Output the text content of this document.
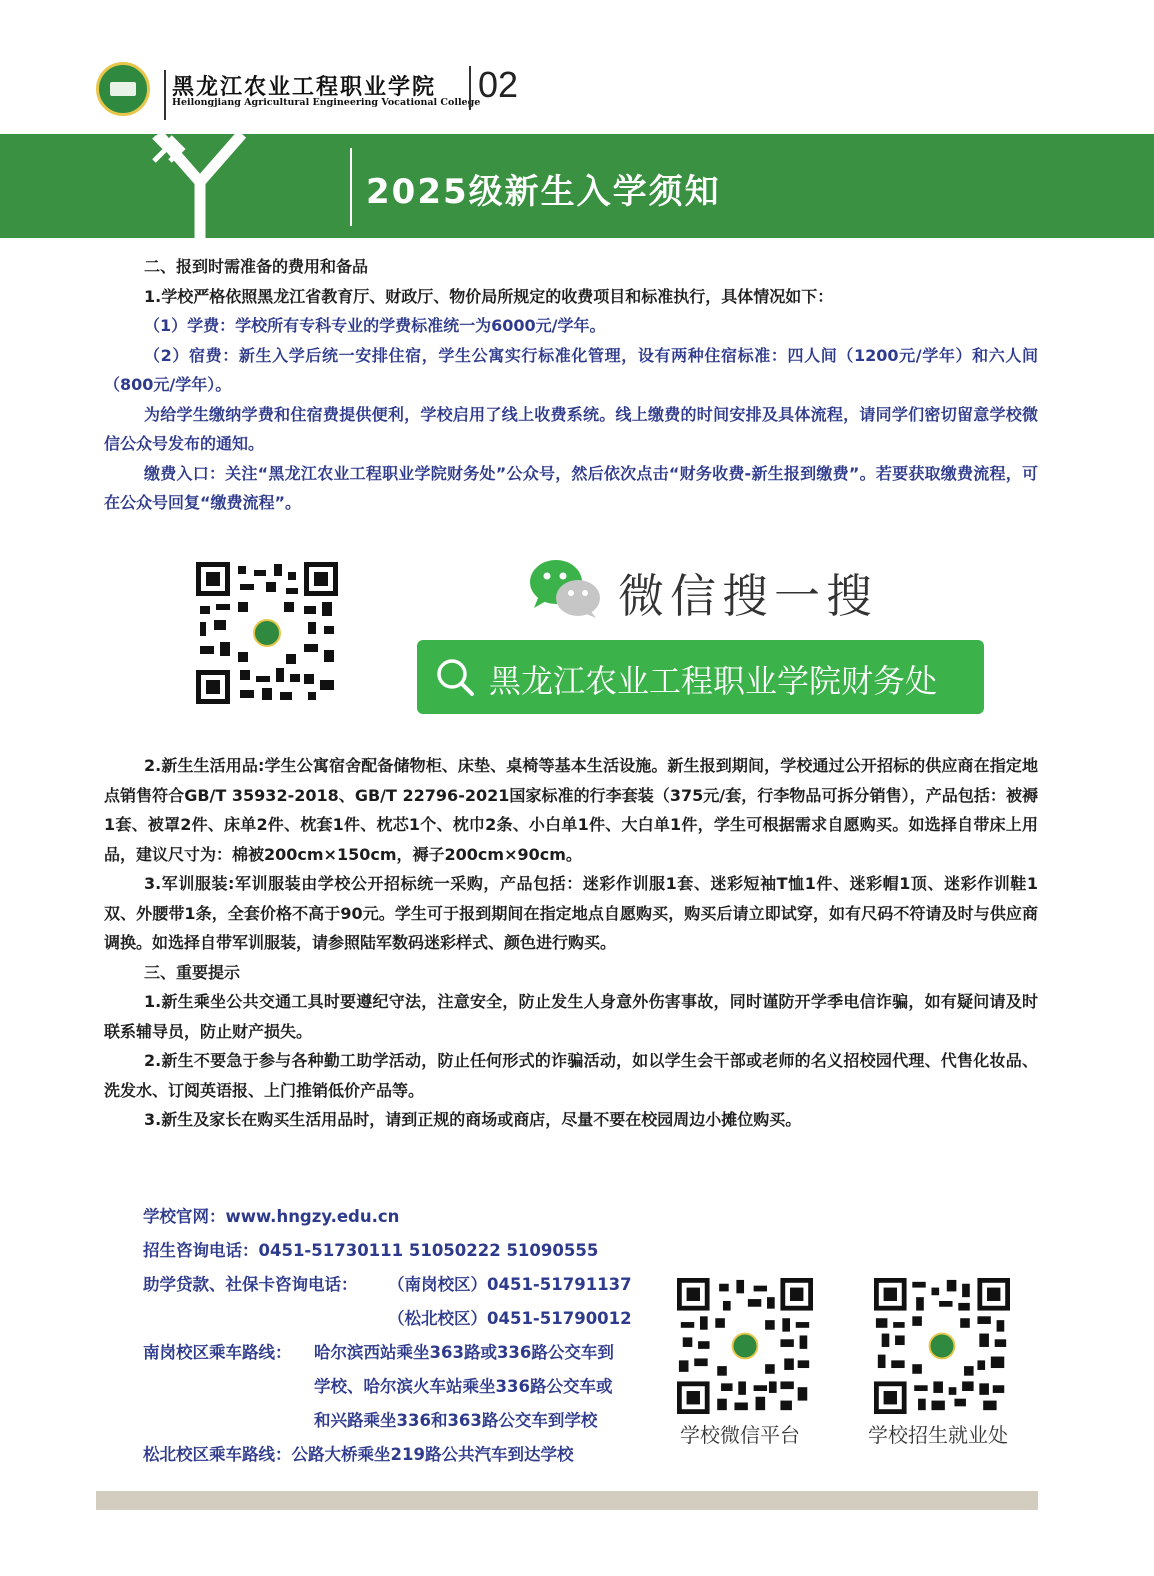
黑龙江农业工程职业学院
Heilongjiang Agricultural Engineering Vocational College
02
2025级新生入学须知

二、报到时需准备的费用和备品

1.学校严格依照黑龙江省教育厅、财政厅、物价局所规定的收费项目和标准执行，具体情况如下：

（1）学费：学校所有专科专业的学费标准统一为6000元/学年。

（2）宿费：新生入学后统一安排住宿，学生公寓实行标准化管理，设有两种住宿标准：四人间（1200元/学年）和六人间（800元/学年）。

为给学生缴纳学费和住宿费提供便利，学校启用了线上收费系统。线上缴费的时间安排及具体流程，请同学们密切留意学校微信公众号发布的通知。

缴费入口：关注“黑龙江农业工程职业学院财务处”公众号，然后依次点击“财务收费-新生报到缴费”。若要获取缴费流程，可在公众号回复“缴费流程”。

微信搜一搜
黑龙江农业工程职业学院财务处

2.新生生活用品:学生公寓宿舍配备储物柜、床垫、桌椅等基本生活设施。新生报到期间，学校通过公开招标的供应商在指定地点销售符合GB/T 35932-2018、GB/T 22796-2021国家标准的行李套装（375元/套，行李物品可拆分销售），产品包括：被褥1套、被罩2件、床单2件、枕套1件、枕芯1个、枕巾2条、小白单1件、大白单1件，学生可根据需求自愿购买。如选择自带床上用品，建议尺寸为：棉被200cm×150cm，褥子200cm×90cm。

3.军训服装:军训服装由学校公开招标统一采购，产品包括：迷彩作训服1套、迷彩短袖T恤1件、迷彩帽1顶、迷彩作训鞋1双、外腰带1条，全套价格不高于90元。学生可于报到期间在指定地点自愿购买，购买后请立即试穿，如有尺码不符请及时与供应商调换。如选择自带军训服装，请参照陆军数码迷彩样式、颜色进行购买。

三、重要提示

1.新生乘坐公共交通工具时要遵纪守法，注意安全，防止发生人身意外伤害事故，同时谨防开学季电信诈骗，如有疑问请及时联系辅导员，防止财产损失。

2.新生不要急于参与各种勤工助学活动，防止任何形式的诈骗活动，如以学生会干部或老师的名义招校园代理、代售化妆品、洗发水、订阅英语报、上门推销低价产品等。

3.新生及家长在购买生活用品时，请到正规的商场或商店，尽量不要在校园周边小摊位购买。

学校官网：www.hngzy.edu.cn
招生咨询电话：0451-51730111 51050222 51090555
助学贷款、社保卡咨询电话： （南岗校区）0451-51791137
（松北校区）0451-51790012
南岗校区乘车路线： 哈尔滨西站乘坐363路或336路公交车到
学校、哈尔滨火车站乘坐336路公交车或
和兴路乘坐336和363路公交车到学校
松北校区乘车路线：公路大桥乘坐219路公共汽车到达学校
学校微信平台	学校招生就业处
